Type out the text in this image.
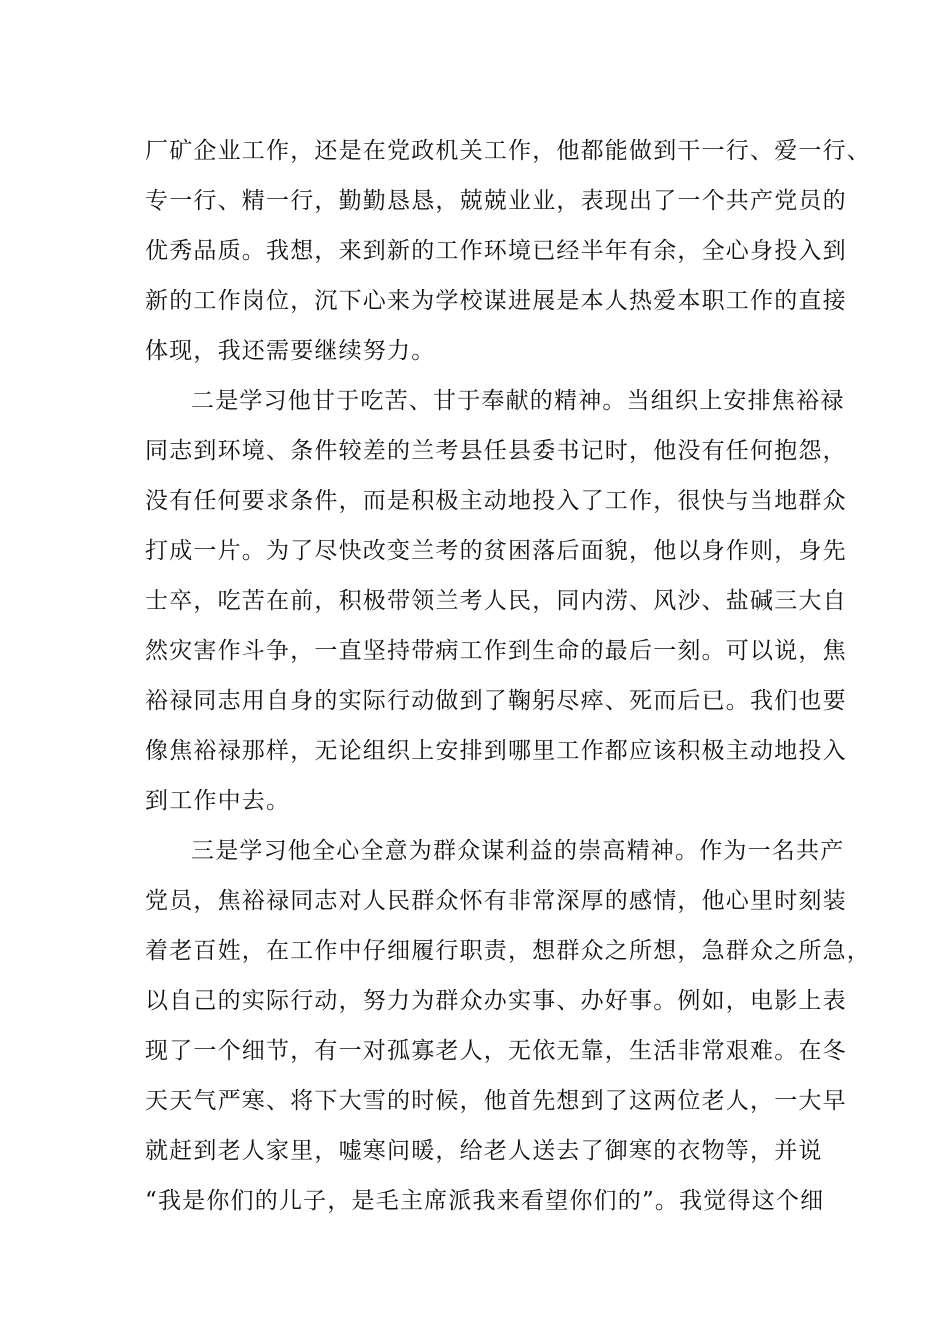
厂矿企业工作，还是在党政机关工作，他都能做到干一行、爱一行、
专一行、精一行，勤勤恳恳，兢兢业业，表现出了一个共产党员的
优秀品质。我想，来到新的工作环境已经半年有余，全心身投入到
新的工作岗位，沉下心来为学校谋进展是本人热爱本职工作的直接
体现，我还需要继续努力。
二是学习他甘于吃苦、甘于奉献的精神。当组织上安排焦裕禄
同志到环境、条件较差的兰考县任县委书记时，他没有任何抱怨，
没有任何要求条件，而是积极主动地投入了工作，很快与当地群众
打成一片。为了尽快改变兰考的贫困落后面貌，他以身作则，身先
士卒，吃苦在前，积极带领兰考人民，同内涝、风沙、盐碱三大自
然灾害作斗争，一直坚持带病工作到生命的最后一刻。可以说，焦
裕禄同志用自身的实际行动做到了鞠躬尽瘁、死而后已。我们也要
像焦裕禄那样，无论组织上安排到哪里工作都应该积极主动地投入
到工作中去。
三是学习他全心全意为群众谋利益的崇高精神。作为一名共产
党员，焦裕禄同志对人民群众怀有非常深厚的感情，他心里时刻装
着老百姓，在工作中仔细履行职责，想群众之所想，急群众之所急，
以自己的实际行动，努力为群众办实事、办好事。例如，电影上表
现了一个细节，有一对孤寡老人，无依无靠，生活非常艰难。在冬
天天气严寒、将下大雪的时候，他首先想到了这两位老人，一大早
就赶到老人家里，嘘寒问暖，给老人送去了御寒的衣物等，并说
“我是你们的儿子，是毛主席派我来看望你们的”。我觉得这个细
